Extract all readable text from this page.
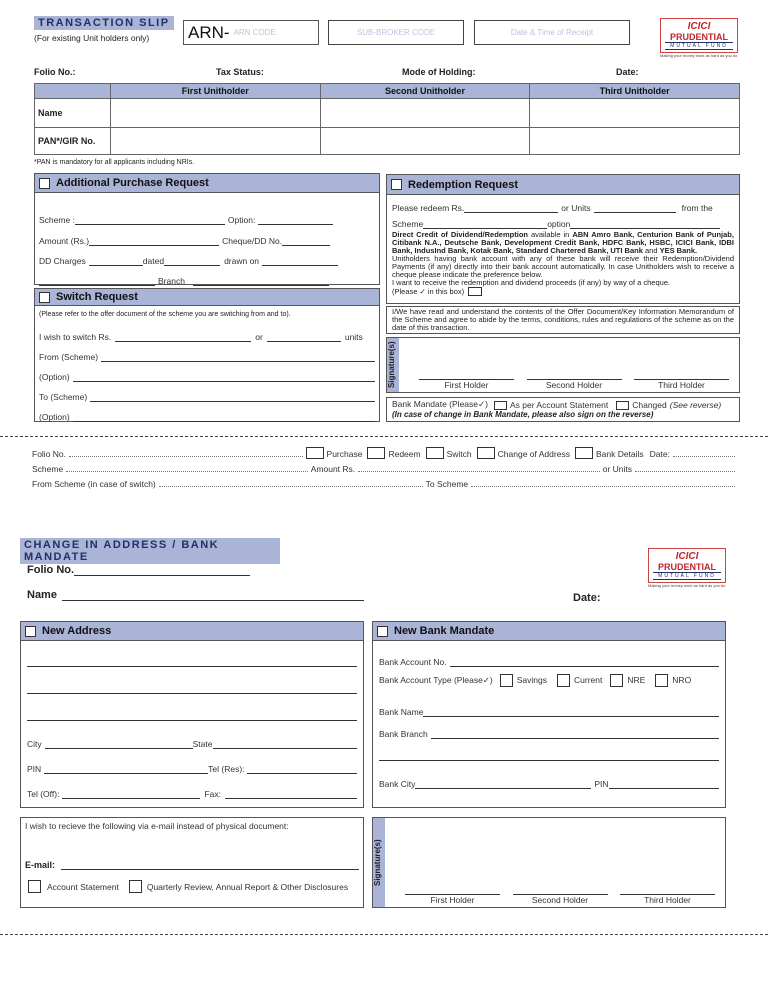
TRANSACTION SLIP
(For existing Unit holders only) ARN- ARN CODE	SUB-BROKER CODE	Date & Time of Receipt
ICICI
PRUDENTIAL
MUTUAL FUND
Making your money work as hard as you do
Folio No.:	Tax Status:	Mode of Holding:	Date:
	First Unitholder	Second Unitholder	Third Unitholder
Name			
PAN*/GIR No.			
*PAN is mandatory for all applicants including NRIs.
Additional Purchase Request
Scheme :	Option:
Amount (Rs.)	Cheque/DD No.
DD Charges	dated	drawn on
Branch
Switch Request
(Please refer to the offer document of the scheme you are switching from and to).
I wish to switch Rs.	or	units
From (Scheme)
(Option)
To (Scheme)
(Option)
Redemption Request
Please redeem Rs.	or Units	from the
Scheme	option
Direct Credit of Dividend/Redemption available in ABN Amro Bank, Centurion Bank of Punjab, Citibank N.A., Deutsche Bank, Development Credit Bank, HDFC Bank, HSBC, ICICI Bank, IDBI Bank, IndusInd Bank, Kotak Bank, Standard Chartered Bank, UTI Bank and YES Bank.
Unitholders having bank account with any of these bank will receive their Redemption/Dividend Payments (if any) directly into their bank account automatically. In case Unitholders wish to receive a cheque please indicate the preference below.
I want to receive the redemption and dividend proceeds (if any) by way of a cheque.
(Please ✓ in this box)
I/We have read and understand the contents of the Offer Document/Key Information Memorandum of the Scheme and agree to abide by the terms, conditions, rules and regulations of the scheme as on the date of this transaction.
Signature(s)	First Holder	Second Holder	Third Holder
Bank Mandate (Please✓)	As per Account Statement	Changed (See reverse)
(In case of change in Bank Mandate, please also sign on the reverse)
Folio No.	Purchase	Redeem	Switch	Change of Address	Bank Details Date:
Scheme	Amount Rs.	or Units
From Scheme (in case of switch)	To Scheme
CHANGE IN ADDRESS / BANK MANDATE	ICICI
PRUDENTIAL
MUTUAL FUND
Making your money work as hard as you do
Folio No.
Name	Date:
New Address

City	State
PIN	Tel (Res):
Tel (Off):	Fax:
New Bank Mandate
Bank Account No.
Bank Account Type (Please✓)	Savings	Current	NRE	NRO
Bank Name
Bank Branch
Bank City	PIN
I wish to recieve the following via e-mail instead of physical document:
E-mail:
Account Statement	Quarterly Review, Annual Report & Other Disclosures
Signature(s)
First Holder	Second Holder	Third Holder
